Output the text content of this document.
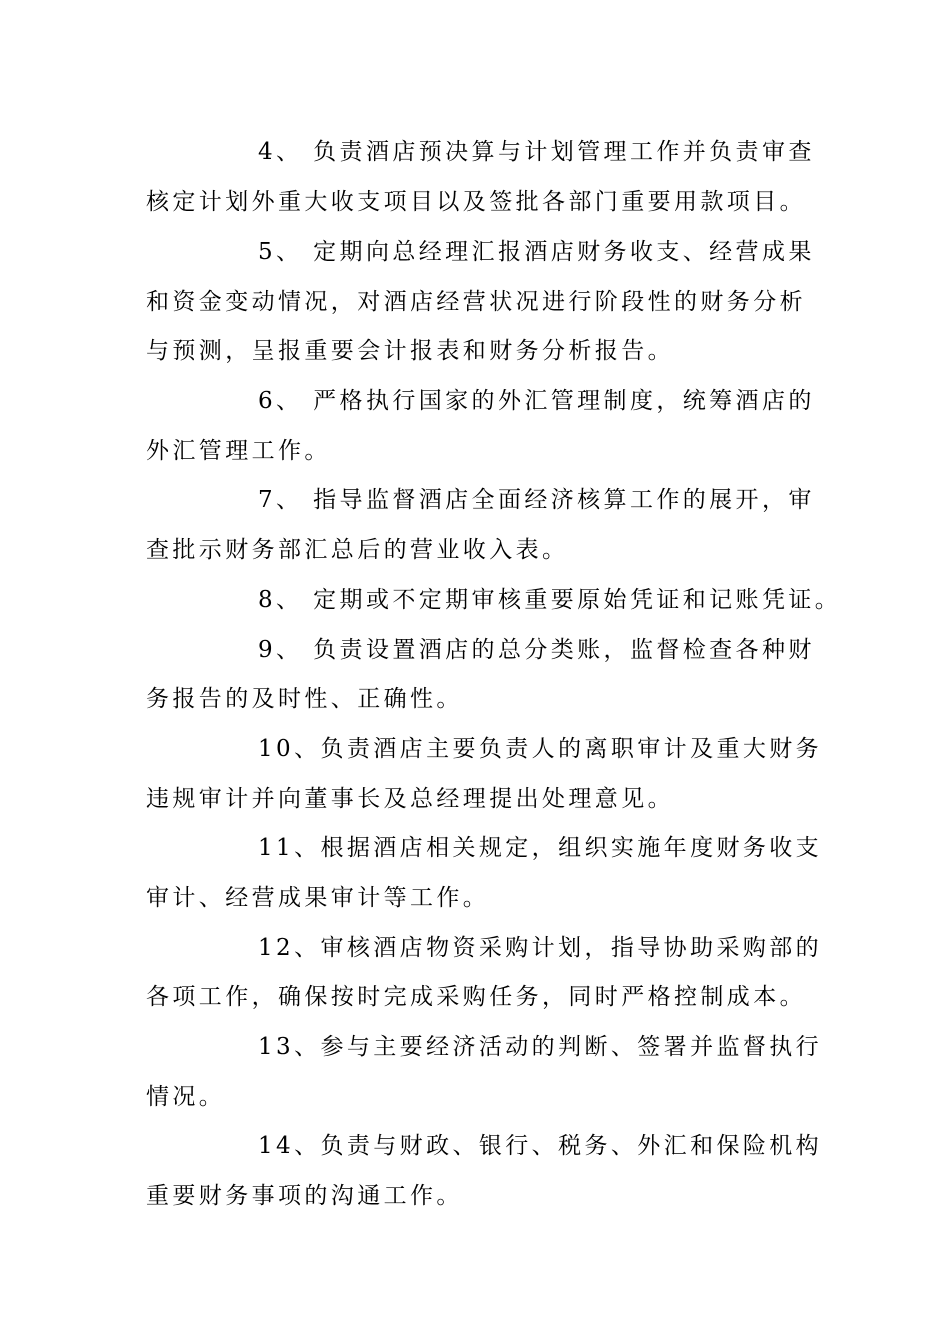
4、 负责酒店预决算与计划管理工作并负责审查
核定计划外重大收支项目以及签批各部门重要用款项目。
5、 定期向总经理汇报酒店财务收支、经营成果
和资金变动情况，对酒店经营状况进行阶段性的财务分析
与预测，呈报重要会计报表和财务分析报告。
6、 严格执行国家的外汇管理制度，统筹酒店的
外汇管理工作。
7、 指导监督酒店全面经济核算工作的展开，审
查批示财务部汇总后的营业收入表。
8、 定期或不定期审核重要原始凭证和记账凭证。
9、 负责设置酒店的总分类账，监督检查各种财
务报告的及时性、正确性。
10、负责酒店主要负责人的离职审计及重大财务
违规审计并向董事长及总经理提出处理意见。
11、根据酒店相关规定，组织实施年度财务收支
审计、经营成果审计等工作。
12、审核酒店物资采购计划，指导协助采购部的
各项工作，确保按时完成采购任务，同时严格控制成本。
13、参与主要经济活动的判断、签署并监督执行
情况。
14、负责与财政、银行、税务、外汇和保险机构
重要财务事项的沟通工作。
